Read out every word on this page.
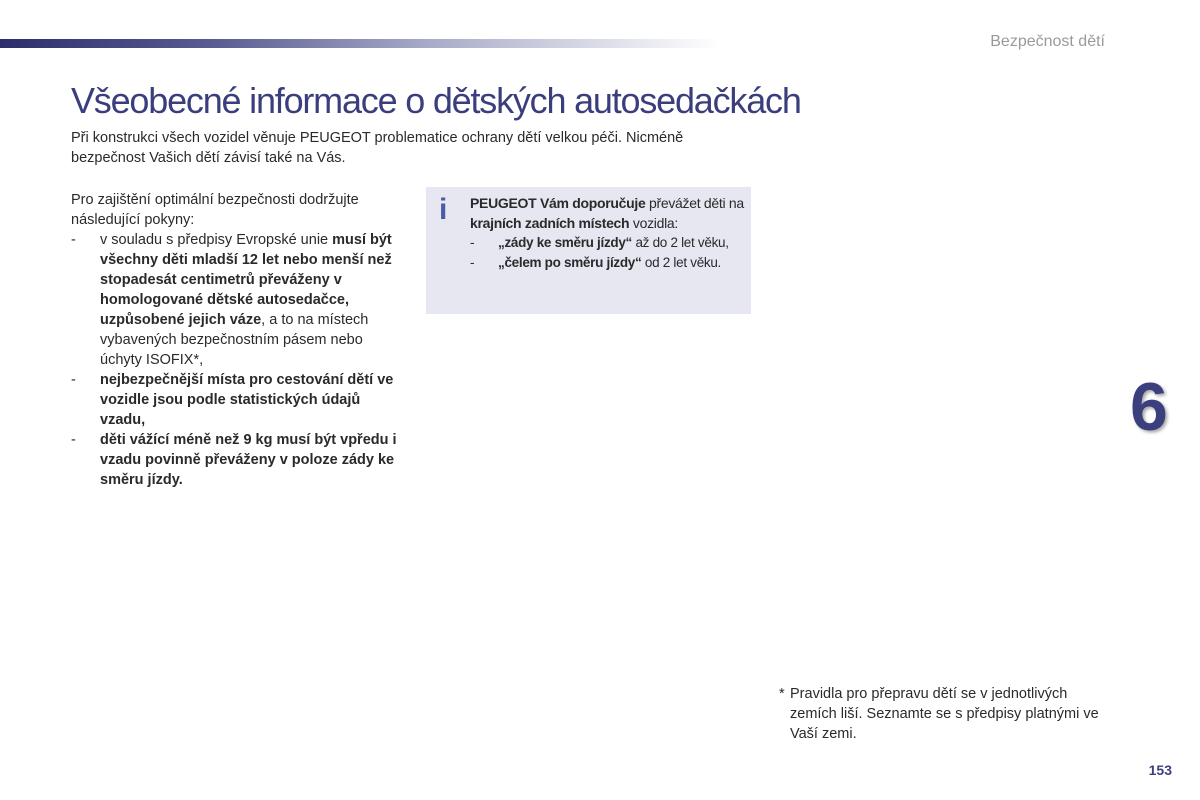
Bezpečnost dětí
Všeobecné informace o dětských autosedačkách

Při konstrukci všech vozidel věnuje PEUGEOT problematice ochrany dětí velkou péči. Nicméně bezpečnost Vašich dětí závisí také na Vás.

Pro zajištění optimální bezpečnosti dodržujte následující pokyny:

- v souladu s předpisy Evropské unie musí být všechny děti mladší 12 let nebo menší než stopadesát centimetrů převáženy v homologované dětské autosedačce, uzpůsobené jejich váze, a to na místech vybavených bezpečnostním pásem nebo úchyty ISOFIX*,
- nejbezpečnější místa pro cestování dětí ve vozidle jsou podle statistických údajů vzadu,
- děti vážící méně než 9 kg musí být vpředu i vzadu povinně převáženy v poloze zády ke směru jízdy.
i PEUGEOT Vám doporučuje převážet děti na krajních zadních místech vozidla:

- „zády ke směru jízdy“ až do 2 let věku,
- „čelem po směru jízdy“ od 2 let věku.
6

* Pravidla pro přepravu dětí se v jednotlivých zemích liší. Seznamte se s předpisy platnými ve Vaší zemi.

153
